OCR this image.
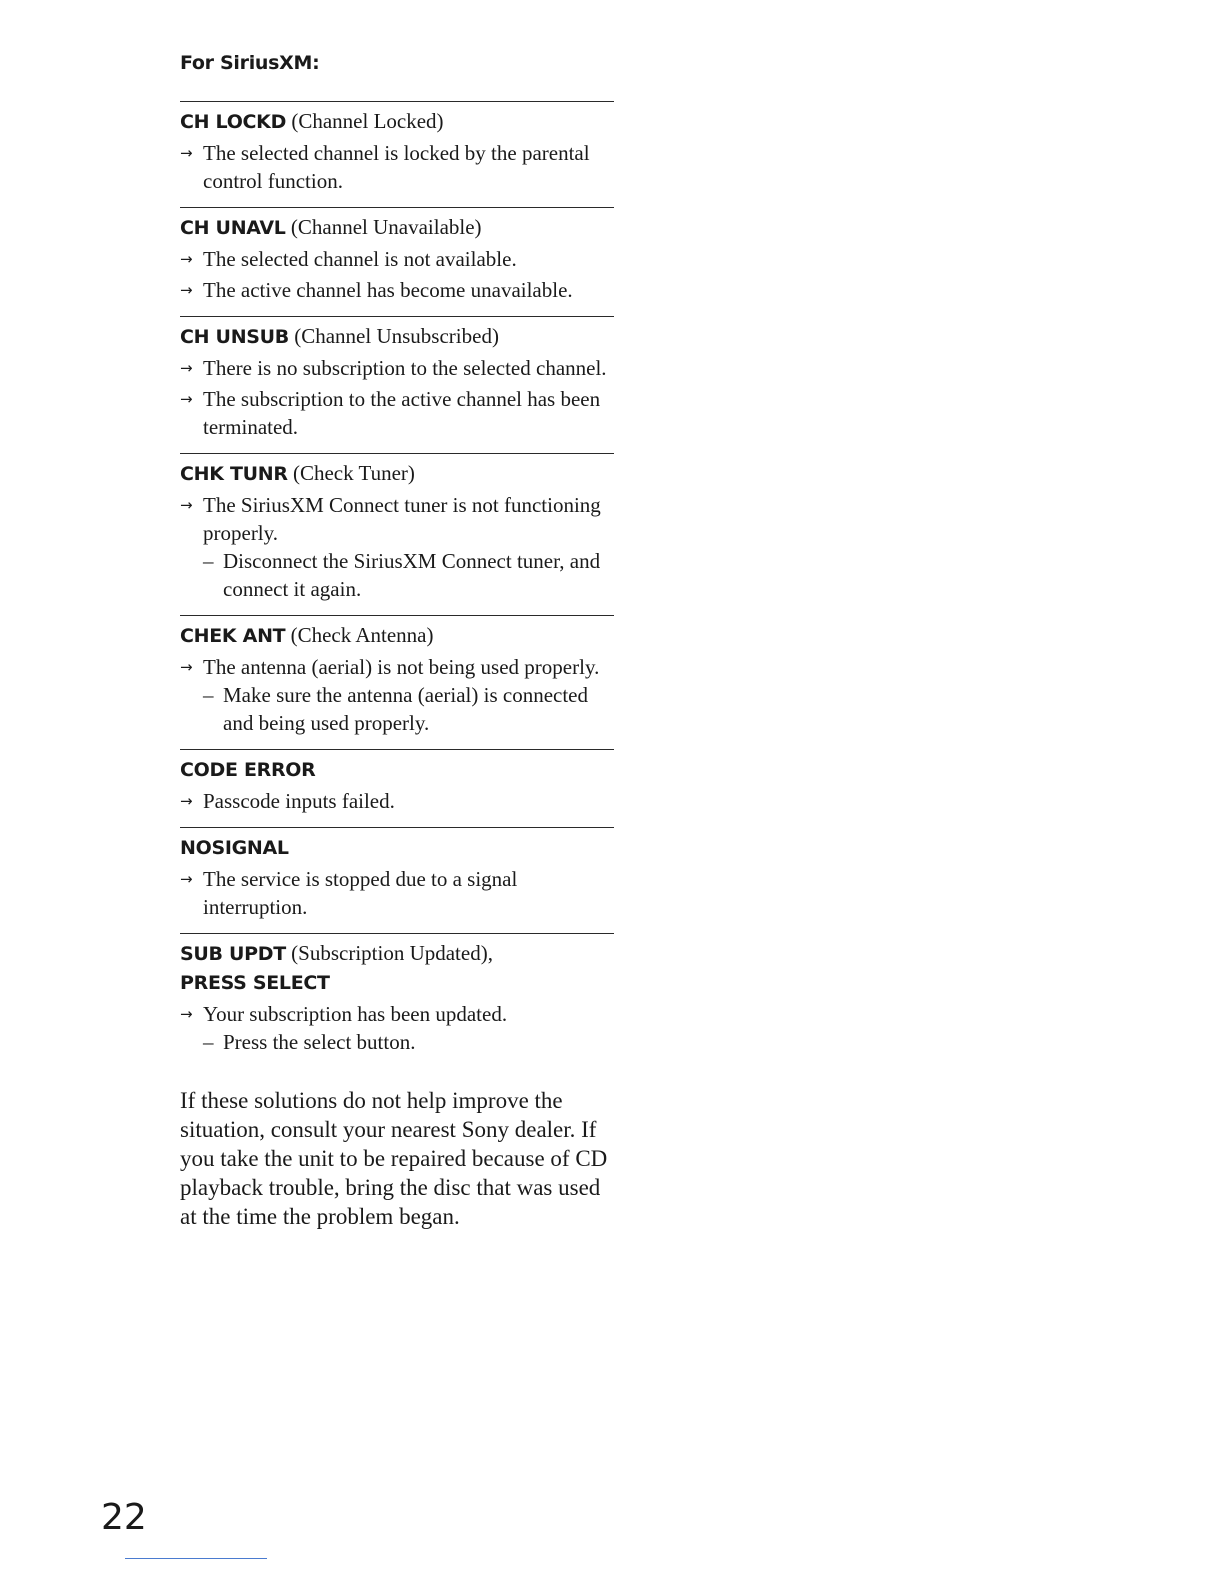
For SiriusXM:
CH LOCKD (Channel Locked)
→ The selected channel is locked by the parental control function.
CH UNAVL (Channel Unavailable)
→ The selected channel is not available.
→ The active channel has become unavailable.
CH UNSUB (Channel Unsubscribed)
→ There is no subscription to the selected channel.
→ The subscription to the active channel has been terminated.
CHK TUNR (Check Tuner)
→ The SiriusXM Connect tuner is not functioning properly.
– Disconnect the SiriusXM Connect tuner, and connect it again.
CHEK ANT (Check Antenna)
→ The antenna (aerial) is not being used properly.
– Make sure the antenna (aerial) is connected and being used properly.
CODE ERROR
→ Passcode inputs failed.
NOSIGNAL
→ The service is stopped due to a signal interruption.
SUB UPDT (Subscription Updated),
PRESS SELECT
→ Your subscription has been updated.
– Press the select button.
If these solutions do not help improve the situation, consult your nearest Sony dealer. If you take the unit to be repaired because of CD playback trouble, bring the disc that was used at the time the problem began.
22
